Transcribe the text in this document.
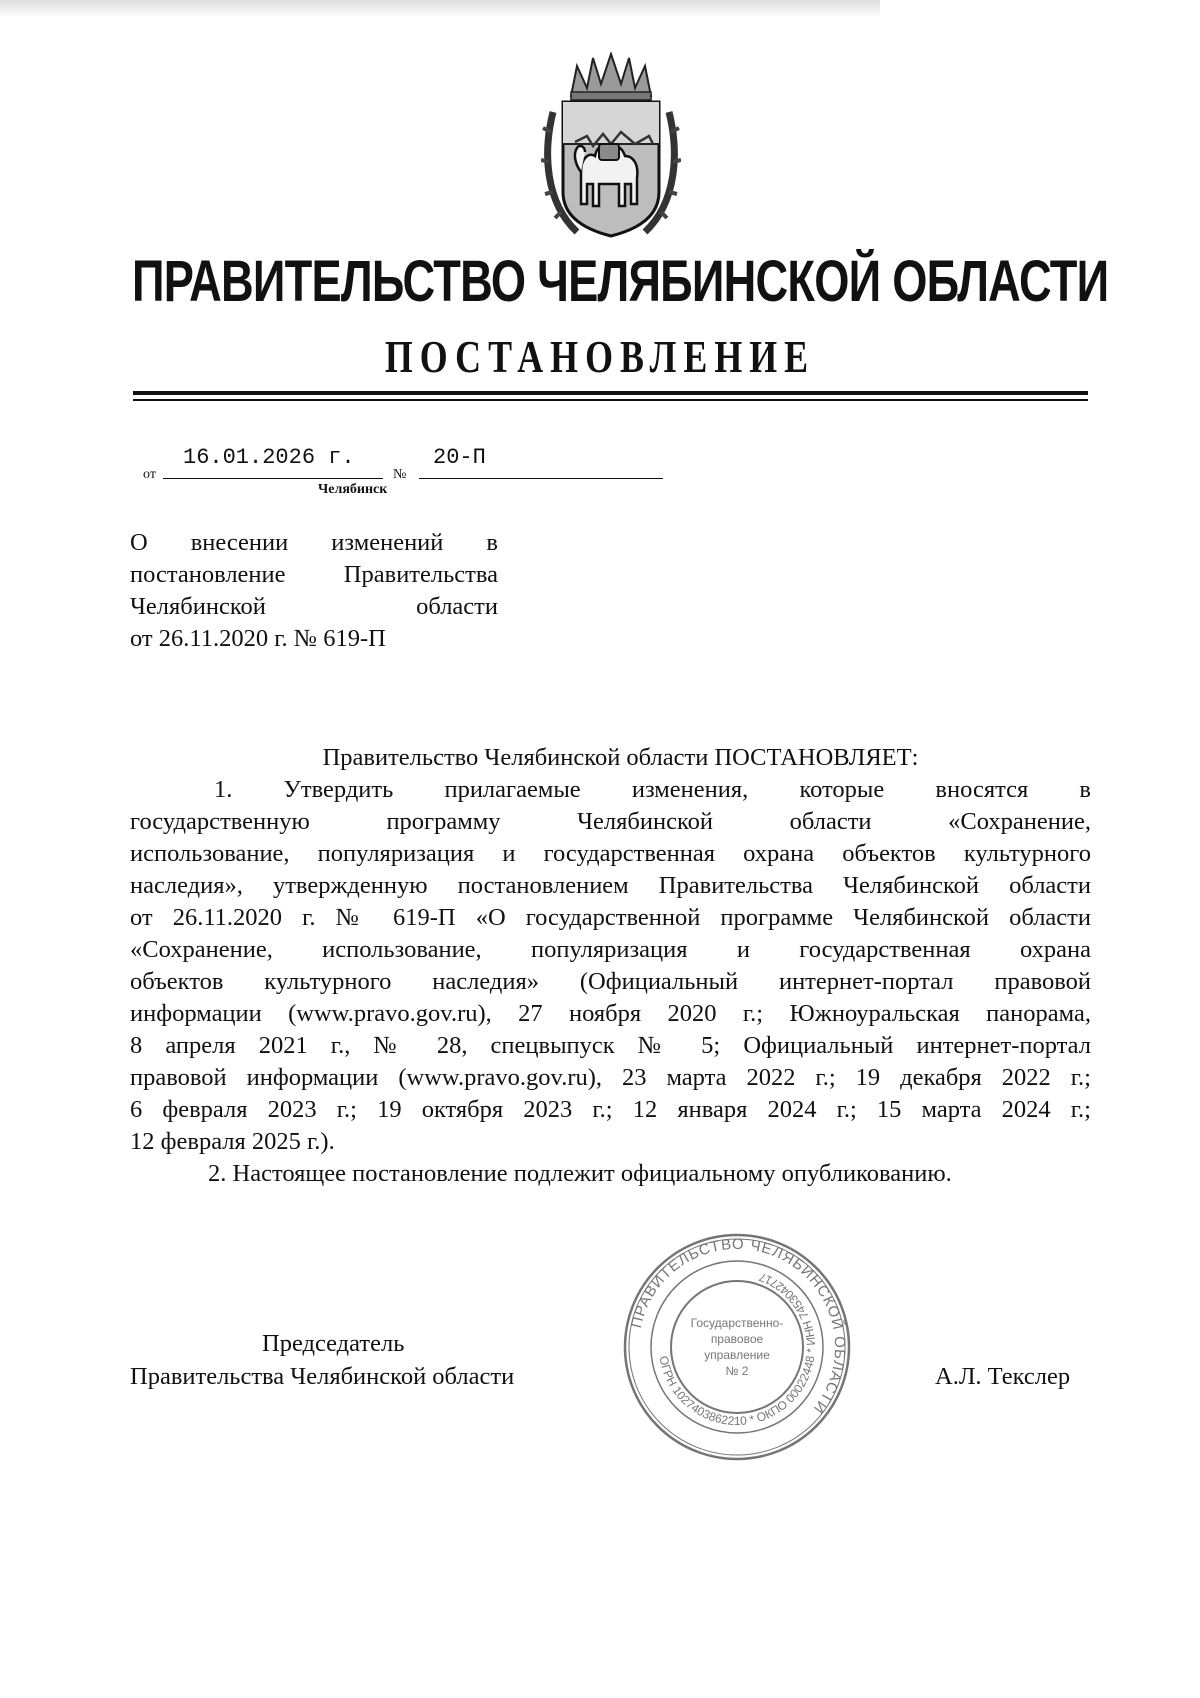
ПРАВИТЕЛЬСТВО ЧЕЛЯБИНСКОЙ ОБЛАСТИ
ПОСТАНОВЛЕНИЕ
от
16.01.2026 г.
№
20-П
Челябинск
О внесении изменений в
постановление Правительства
Челябинской области
от 26.11.2020 г. № 619-П
Правительство Челябинской области ПОСТАНОВЛЯЕТ:
1. Утвердить прилагаемые изменения, которые вносятся в
государственную программу Челябинской области «Сохранение,
использование, популяризация и государственная охрана объектов культурного
наследия», утвержденную постановлением Правительства Челябинской области
от 26.11.2020 г. № 619-П «О государственной программе Челябинской области
«Сохранение, использование, популяризация и государственная охрана
объектов культурного наследия» (Официальный интернет-портал правовой
информации (www.pravo.gov.ru), 27 ноября 2020 г.; Южноуральская панорама,
8 апреля 2021 г., № 28, спецвыпуск № 5; Официальный интернет-портал
правовой информации (www.pravo.gov.ru), 23 марта 2022 г.; 19 декабря 2022 г.;
6 февраля 2023 г.; 19 октября 2023 г.; 12 января 2024 г.; 15 марта 2024 г.;
12 февраля 2025 г.).
2. Настоящее постановление подлежит официальному опубликованию.
Председатель
Правительства Челябинской области	А.Л. Текслер
ПРАВИТЕЛЬСТВО ЧЕЛЯБИНСКОЙ ОБЛАСТИ
ОГРН 1027403862210 * ОКПО 00022448 * ИНН 7453042717
Государственно-
правовое
управление
№ 2
